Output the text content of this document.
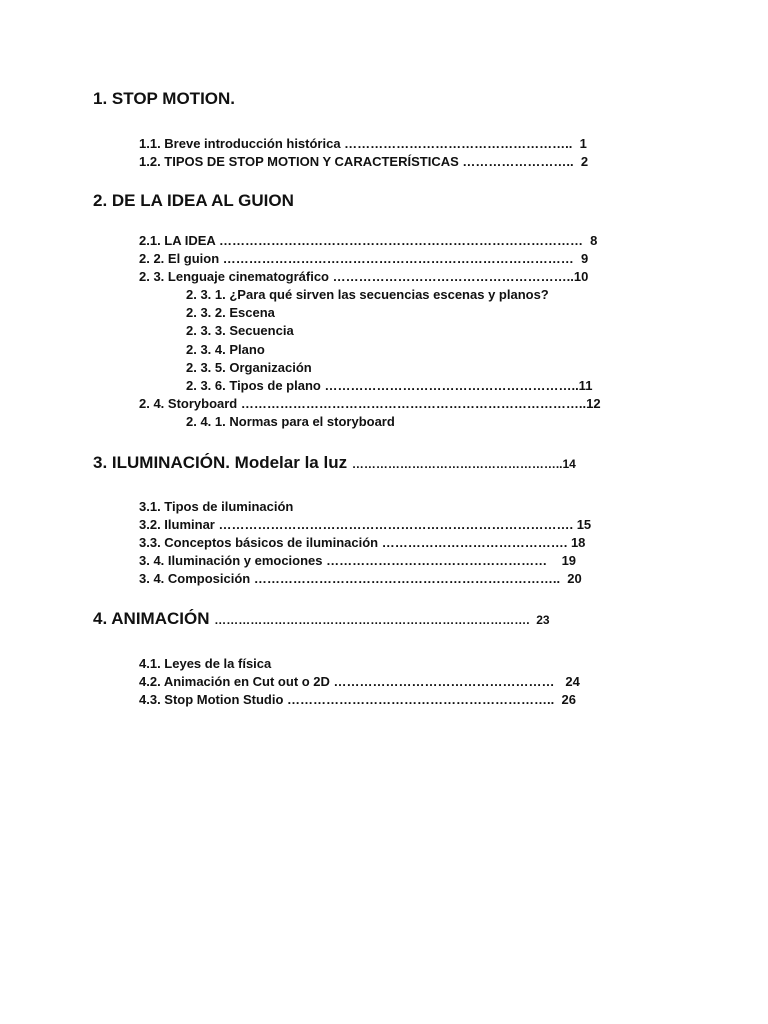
1. STOP MOTION.
1.1. Breve introducción histórica ……………………………………………..  1
1.2. TIPOS DE STOP MOTION Y CARACTERÍSTICAS ……………………..  2
2. DE LA IDEA AL GUION
2.1. LA IDEA …………………………………………………………………………  8
2. 2. El guion ………………………………………………………………………  9
2. 3. Lenguaje cinematográfico ………………………………………………..10
2. 3. 1. ¿Para qué sirven las secuencias escenas y planos?
2. 3. 2. Escena
2. 3. 3. Secuencia
2. 3. 4. Plano
2. 3. 5. Organización
2. 3. 6. Tipos de plano …………………………………………………..11
2. 4. Storyboard ……………………………………………………………………..12
2. 4. 1. Normas para el storyboard
3. ILUMINACIÓN. Modelar la luz ……………………………………………..14
3.1. Tipos de iluminación
3.2. Iluminar ………………………………………………………………………. 15
3.3. Conceptos básicos de iluminación ……………………………………. 18
3. 4. Iluminación y emociones ……………………………………………    19
3. 4. Composición ……………………………………………………………..  20
4. ANIMACIÓN …………………………………………………………………….  23
4.1. Leyes de la física
4.2. Animación en Cut out o 2D ……………………………………………   24
4.3. Stop Motion Studio ……………………………………………………..  26
